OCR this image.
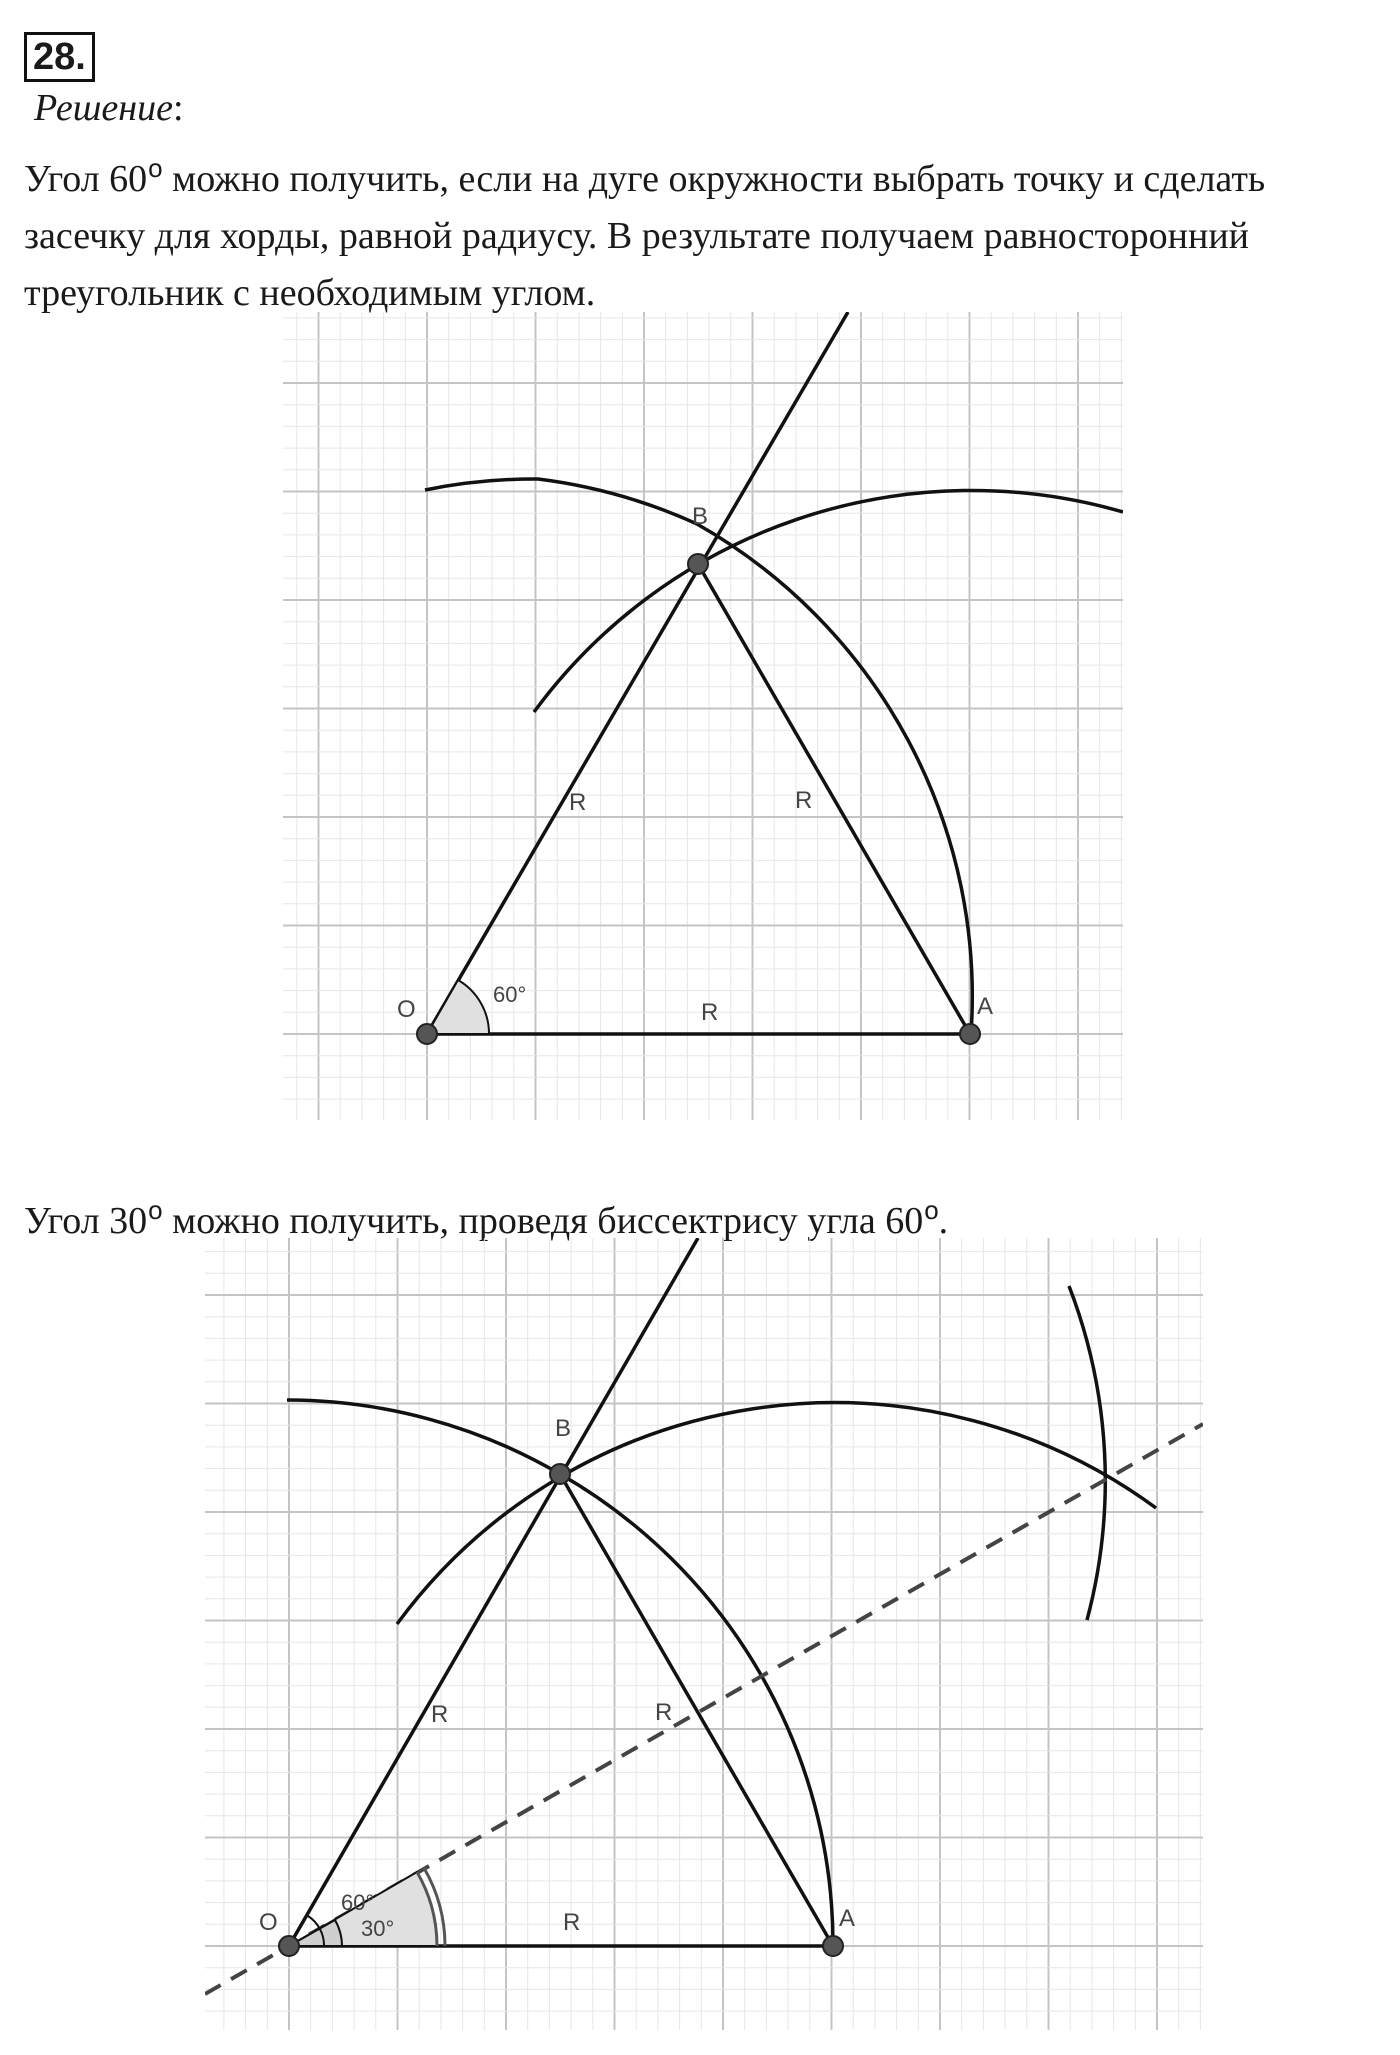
28.
Решение:

Угол 60o можно получить, если на дуге окружности выбрать точку и сделать засечку для хорды, равной радиусу. В результате получаем равносторонний треугольник с необходимым углом.

B
O	A
R	R
R
60°

Угол 30o можно получить, проведя биссектрису угла 60o.

B
O	A
R	R
R
60°
30°
